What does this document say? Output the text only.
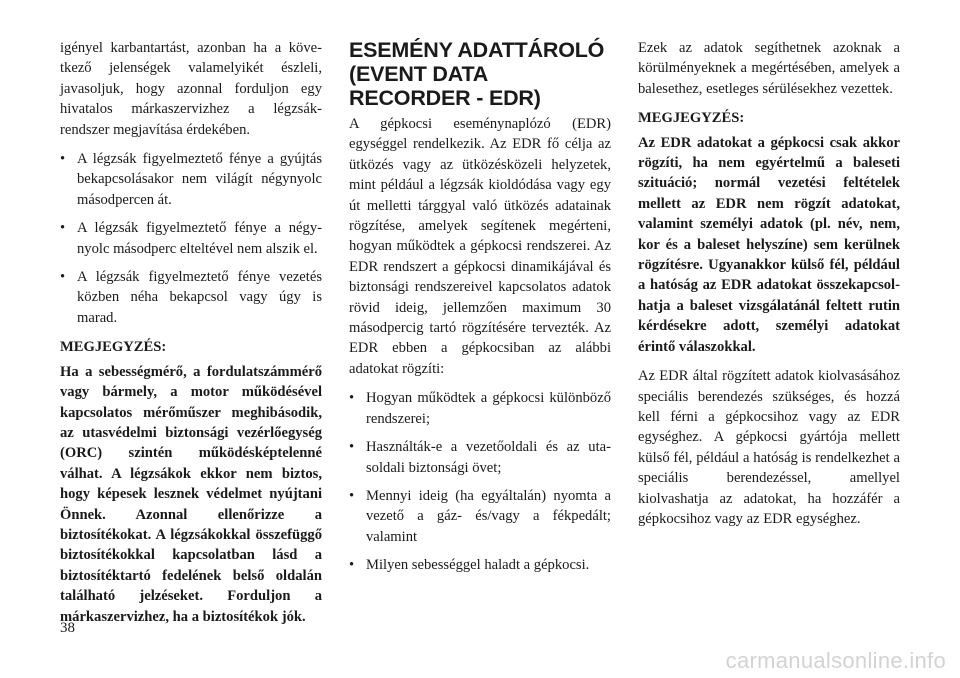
igényel karbantartást, azonban ha a következő jelenségek valamelyikét észleli, javasoljuk, hogy azonnal forduljon egy hivatalos márkaszervizhez a légzsák-rendszer megjavítása érdekében.

• A légzsák figyelmeztető fénye a gyújtás bekapcsolásakor nem világít négynyolc másodpercen át.
• A légzsák figyelmeztető fénye a négynyolc másodperc elteltével nem alszik el.
• A légzsák figyelmeztető fénye vezetés közben néha bekapcsol vagy úgy is marad.
MEGJEGYZÉS:

Ha a sebességmérő, a fordulatszámmérő vagy bármely, a motor működésével kapcsolatos mérőműszer meghibásodik, az utasvédelmi biztonsági vezérlőegység (ORC) szintén működésképtelenné válhat. A légzsákok ekkor nem biztos, hogy képesek lesznek védelmet nyújtani Önnek. Azonnal ellenőrizze a biztosítékokat. A légzsákokkal összefüggő biztosítékokkal kapcsolatban lásd a biztosítéktartó fedelének belső oldalán található jelzéseket. Forduljon a márkaszervizhez, ha a biztosítékok jók.

ESEMÉNY ADATTÁROLÓ (EVENT DATA RECORDER - EDR)

A gépkocsi eseménynaplózó (EDR) egységgel rendelkezik. Az EDR fő célja az ütközés vagy az ütközésközeli helyzetek, mint például a légzsák kioldódása vagy egy út melletti tárggyal való ütközés adatainak rögzítése, amelyek segítenek megérteni, hogyan működtek a gépkocsi rendszerei. Az EDR rendszert a gépkocsi dinamikájával és biztonsági rendszereivel kapcsolatos adatok rövid ideig, jellemzően maximum 30 másodpercig tartó rögzítésére tervezték. Az EDR ebben a gépkocsiban az alábbi adatokat rögzíti:

• Hogyan működtek a gépkocsi különböző rendszerei;
• Használták-e a vezetőoldali és az utasoldali biztonsági övet;
• Mennyi ideig (ha egyáltalán) nyomta a vezető a gáz- és/vagy a fékpedált; valamint
• Milyen sebességgel haladt a gépkocsi.

Ezek az adatok segíthetnek azoknak a körülményeknek a megértésében, amelyek a balesethez, esetleges sérülésekhez vezettek.

MEGJEGYZÉS:

Az EDR adatokat a gépkocsi csak akkor rögzíti, ha nem egyértelmű a baleseti szituáció; normál vezetési feltételek mellett az EDR nem rögzít adatokat, valamint személyi adatok (pl. név, nem, kor és a baleset helyszíne) sem kerülnek rögzítésre. Ugyanakkor külső fél, például a hatóság az EDR adatokat összekapcsolhatja a baleset vizsgálatánál feltett rutin kérdésekre adott, személyi adatokat érintő válaszokkal.

Az EDR által rögzített adatok kiolvasásához speciális berendezés szükséges, és hozzá kell férni a gépkocsihoz vagy az EDR egységhez. A gépkocsi gyártója mellett külső fél, például a hatóság is rendelkezhet a speciális berendezéssel, amellyel kiolvashatja az adatokat, ha hozzáfér a gépkocsihoz vagy az EDR egységhez.

38
carmanualsonline.info
